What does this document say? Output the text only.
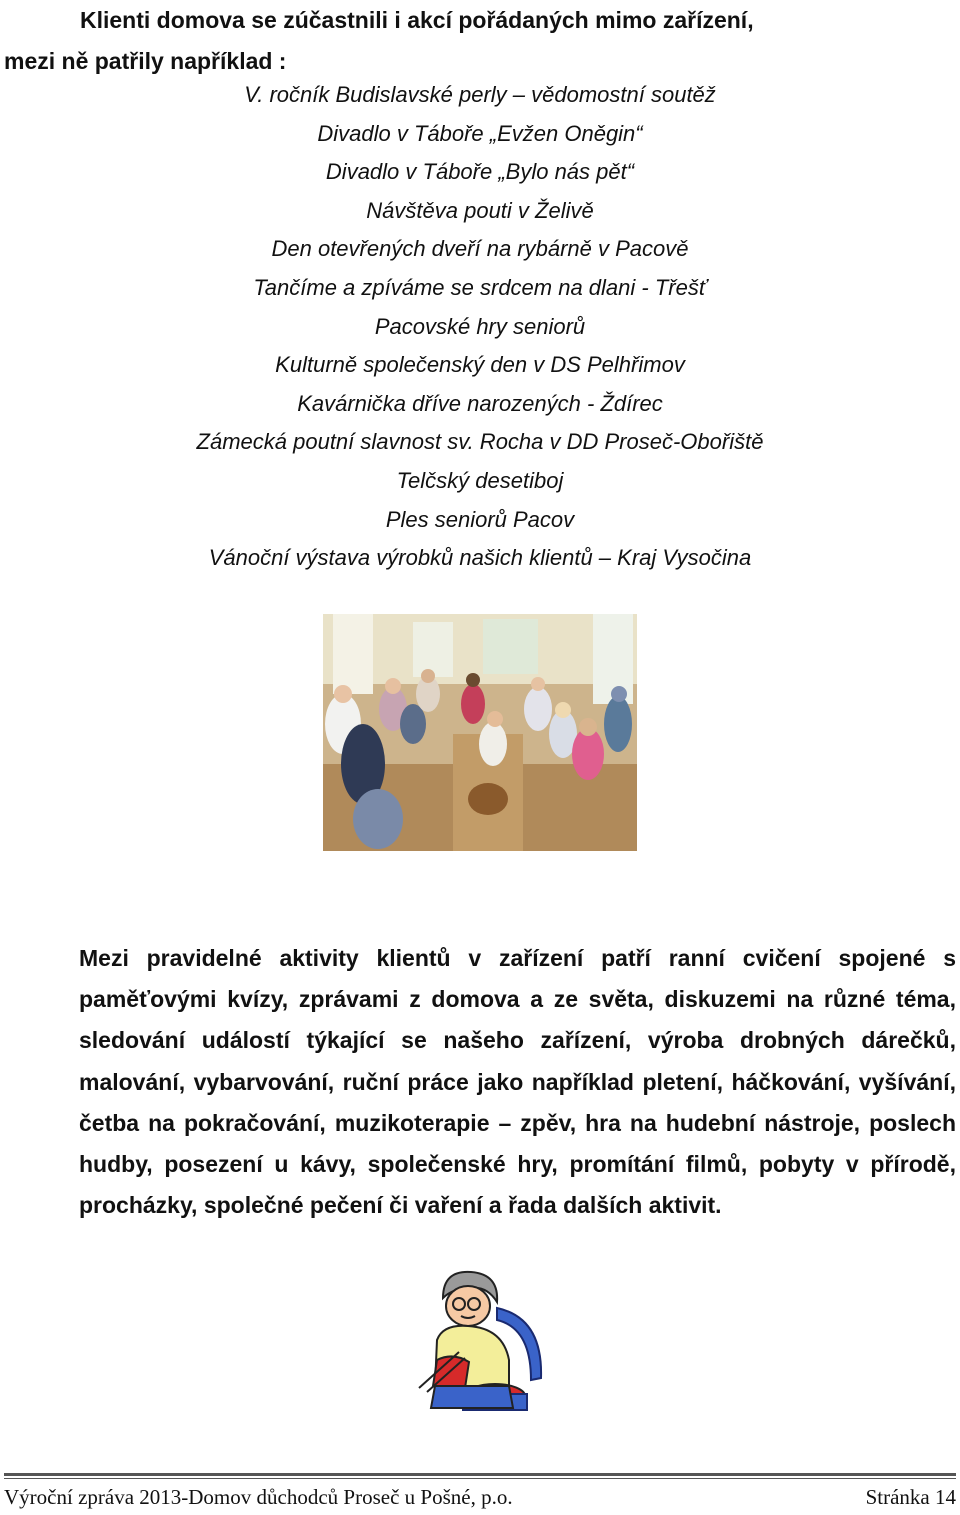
Klienti domova se zúčastnili i akcí pořádaných mimo zařízení,
mezi ně patřily například :
V. ročník Budislavské perly – vědomostní soutěž
Divadlo v Táboře „Evžen Oněgin“
Divadlo v Táboře „Bylo nás pět“
Návštěva pouti v Želivě
Den otevřených dveří na rybárně v Pacově
Tančíme a zpíváme se srdcem na dlani - Třešť
Pacovské hry seniorů
Kulturně společenský den v DS Pelhřimov
Kavárnička dříve narozených - Ždírec
Zámecká poutní slavnost sv. Rocha v DD Proseč-Obořiště
Telčský desetiboj
Ples seniorů Pacov
Vánoční výstava výrobků našich klientů – Kraj Vysočina
Mezi pravidelné aktivity klientů v zařízení patří ranní cvičení spojené s paměťovými kvízy, zprávami z domova a ze světa, diskuzemi na různé téma, sledování událostí týkající se našeho zařízení, výroba drobných dárečků, malování, vybarvování, ruční práce jako například pletení, háčkování, vyšívání, četba na pokračování, muzikoterapie – zpěv, hra na hudební nástroje, poslech hudby, posezení u kávy, společenské hry, promítání filmů, pobyty v přírodě, procházky, společné pečení či vaření a řada dalších aktivit.
Výroční zpráva 2013-Domov důchodců Proseč u Pošné, p.o.	Stránka 14
